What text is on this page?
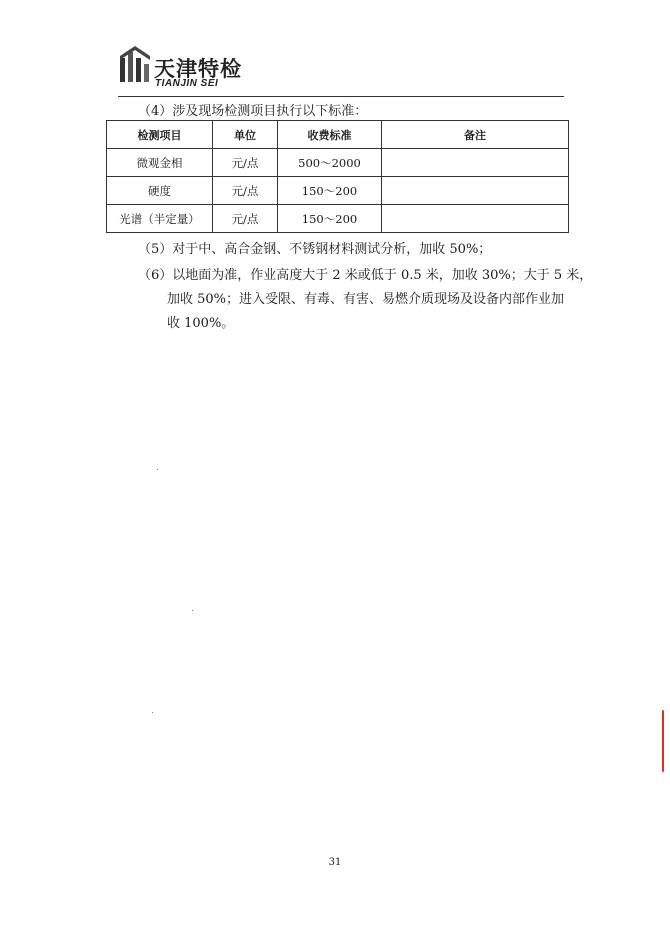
天津特检
TIANJIN SEI
（4）涉及现场检测项目执行以下标准：
检测项目	单位	收费标准	备注
微观金相	元/点	500～2000	
硬度	元/点	150～200	
光谱（半定量）	元/点	150～200	
（5）对于中、高合金钢、不锈钢材料测试分析，加收 50%；
（6）以地面为准，作业高度大于 2 米或低于 0.5 米，加收 30%；大于 5 米，
加收 50%；进入受限、有毒、有害、易燃介质现场及设备内部作业加
收 100%。
31
